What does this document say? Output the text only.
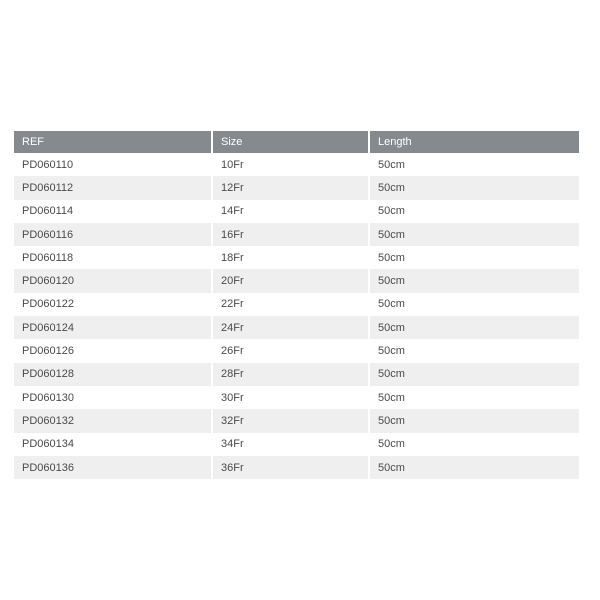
REF	Size	Length
PD060110	10Fr	50cm
PD060112	12Fr	50cm
PD060114	14Fr	50cm
PD060116	16Fr	50cm
PD060118	18Fr	50cm
PD060120	20Fr	50cm
PD060122	22Fr	50cm
PD060124	24Fr	50cm
PD060126	26Fr	50cm
PD060128	28Fr	50cm
PD060130	30Fr	50cm
PD060132	32Fr	50cm
PD060134	34Fr	50cm
PD060136	36Fr	50cm
